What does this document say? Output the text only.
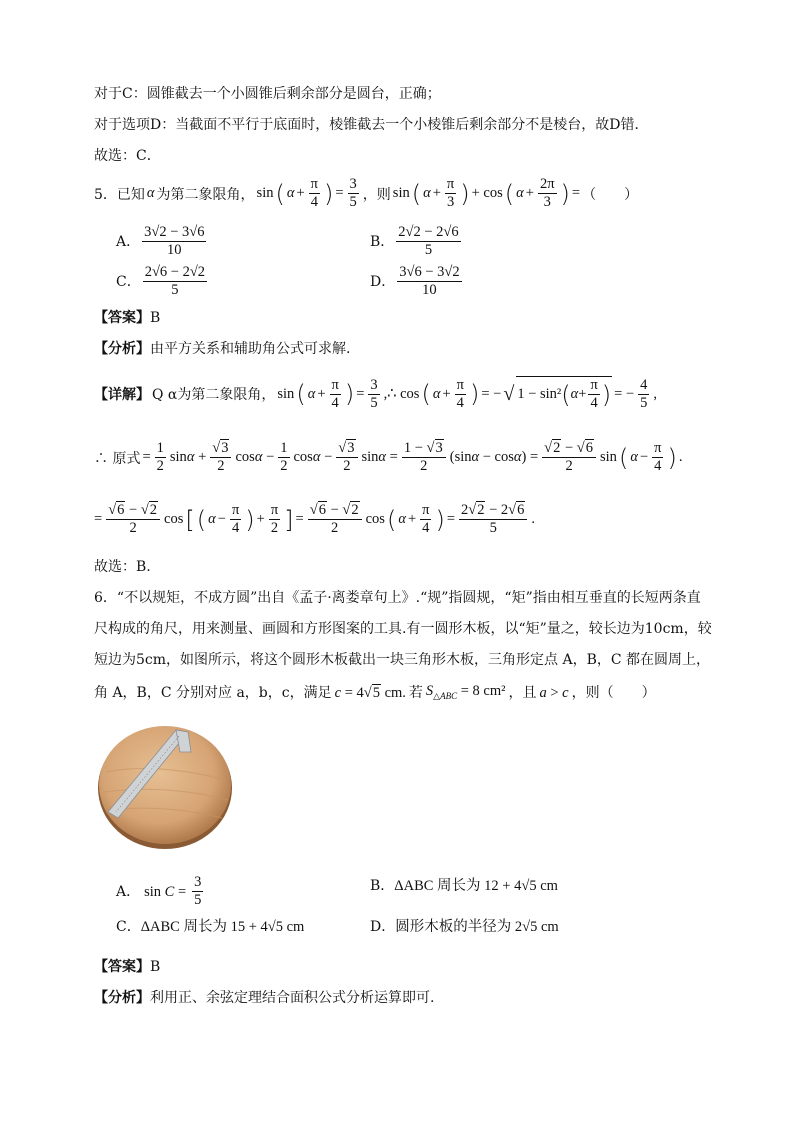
对于C：圆锥截去一个小圆锥后剩余部分是圆台，正确；
对于选项D：当截面不平行于底面时，棱锥截去一个小棱锥后剩余部分不是棱台，故D错．
故选：C．
5．已知 α 为第二象限角， sin ( $\alpha + \frac{\pi}{4}$ ) = $\frac{3}{5}$ ，则 sin ( $\alpha + \frac{\pi}{3}$ ) + cos ( $\alpha + \frac{2\pi}{3}$ ) = （　　）
A． $\frac{3√2 - 3√6}{10}$	B． $\frac{2√2 - 2√6}{5}$
C． $\frac{2√6 - 2√2}{5}$	D． $\frac{3√6 - 3√2}{10}$
【答案】B
【分析】由平方关系和辅助角公式可求解.
【详解】 Q α为第二象限角， sin ( $\alpha + \frac{\pi}{4}$ ) = $\frac{3}{5}$ ,∴ cos ( $\alpha + \frac{\pi}{4}$ ) = − √ 1 − sin² ( $\alpha + \frac{\pi}{4}$ ) = − $\frac{4}{5}$ ,
∴ 原式 = $\frac{1}{2}$ $\sin\alpha + \frac{√3}{2}$ $\cos\alpha - \frac{1}{2}$ $\cos\alpha - \frac{√3}{2}$ $\sin\alpha = \frac{1 - √3}{2} (\sin\alpha - \cos\alpha) = \frac{√2 - √6}{2}$ sin ( $\alpha - \frac{\pi}{4}$ ) .
= $\frac{√6 - √2}{2}$ cos [ ( $\alpha - \frac{\pi}{4}$ ) + $\frac{\pi}{2}$ ] = $\frac{√6 - √2}{2}$ cos ( $\alpha + \frac{\pi}{4}$ ) = $\frac{2√2 - 2√6}{5}$ .
故选：B.
6．“不以规矩，不成方圆”出自《孟子·离娄章句上》.“规”指圆规，“矩”指由相互垂直的长短两条直
尺构成的角尺，用来测量、画圆和方形图案的工具.有一圆形木板，以“矩”量之，较长边为10cm，较
短边为5cm，如图所示，将这个圆形木板截出一块三角形木板，三角形定点 A，B，C 都在圆周上，
角 A，B，C 分别对应 a，b，c，满足 c = 4√5 cm. 若 $S_{\triangle ABC} = 8$ cm² ，且 a > c ，则（　　）
A． $\sin C = \frac{3}{5}$	B．ΔABC 周长为 12 + 4√5 cm
C．ΔABC 周长为 15 + 4√5 cm	D．圆形木板的半径为 2√5 cm
【答案】B
【分析】利用正、余弦定理结合面积公式分析运算即可.
